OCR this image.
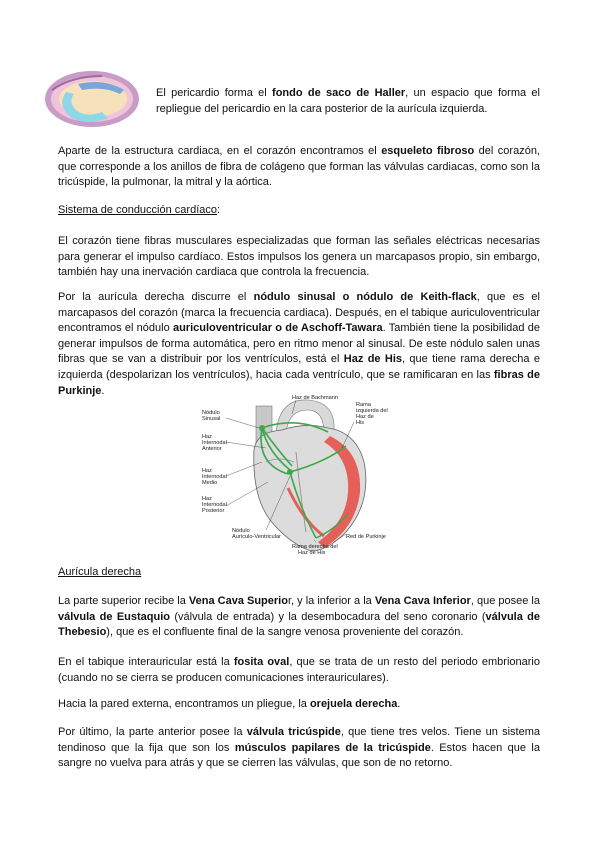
El pericardio forma el fondo de saco de Haller, un espacio que forma el repliegue del pericardio en la cara posterior de la aurícula izquierda.

Aparte de la estructura cardiaca, en el corazón encontramos el esqueleto fibroso del corazón, que corresponde a los anillos de fibra de colágeno que forman las válvulas cardiacas, como son la tricúspide, la pulmonar, la mitral y la aórtica.

Sistema de conducción cardíaco:

El corazón tiene fibras musculares especializadas que forman las señales eléctricas necesarias para generar el impulso cardíaco. Estos impulsos los genera un marcapasos propio, sin embargo, también hay una inervación cardiaca que controla la frecuencia.

Por la aurícula derecha discurre el nódulo sinusal o nódulo de Keith-flack, que es el marcapasos del corazón (marca la frecuencia cardiaca). Después, en el tabique auriculoventricular encontramos el nódulo auriculoventricular o de Aschoff-Tawara. También tiene la posibilidad de generar impulsos de forma automática, pero en ritmo menor al sinusal. De este nódulo salen unas fibras que se van a distribuir por los ventrículos, está el Haz de His, que tiene rama derecha e izquierda (despolarizan los ventrículos), hacia cada ventrículo, que se ramificaran en las fibras de Purkinje.

Haz de Bachmann
Nódulo Sinusal
Haz Internodal Anterior
Haz Internodal Medio
Haz Internodal Posterior
Nódulo Aurículo-Ventricular
Rama izquierda del Haz de His
Rama derecha del Haz de His
Red de Purkinje

Aurícula derecha

La parte superior recibe la Vena Cava Superior, y la inferior a la Vena Cava Inferior, que posee la válvula de Eustaquio (válvula de entrada) y la desembocadura del seno coronario (válvula de Thebesio), que es el confluente final de la sangre venosa proveniente del corazón.

En el tabique interauricular está la fosita oval, que se trata de un resto del periodo embrionario (cuando no se cierra se producen comunicaciones interauriculares).

Hacia la pared externa, encontramos un pliegue, la orejuela derecha.

Por último, la parte anterior posee la válvula tricúspide, que tiene tres velos. Tiene un sistema tendinoso que la fija que son los músculos papilares de la tricúspide. Estos hacen que la sangre no vuelva para atrás y que se cierren las válvulas, que son de no retorno.
